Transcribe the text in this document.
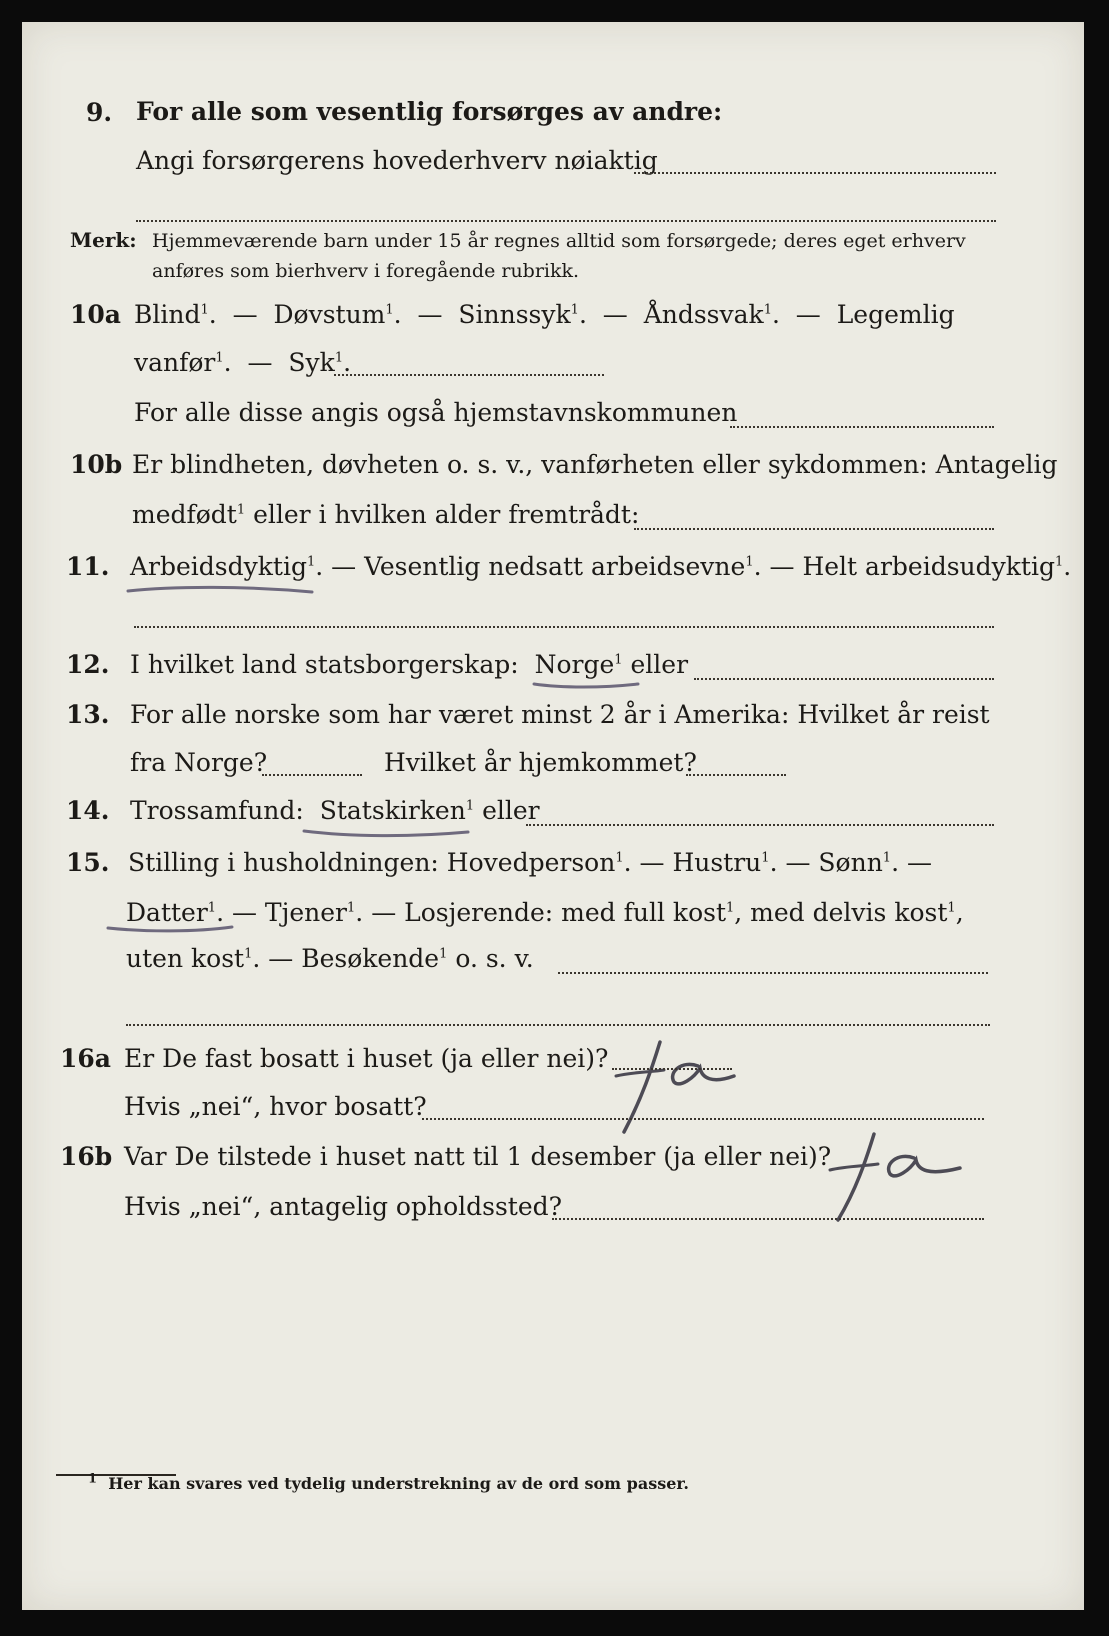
9. For alle som vesentlig forsørges av andre:
Angi forsørgerens hovederhverv nøiaktig
Merk: Hjemmeværende barn under 15 år regnes alltid som forsørgede; deres eget erhverv
anføres som bierhverv i foregående rubrikk.
10a Blind$^1$.  —  Døvstum$^1$.  —  Sinnssyk$^1$.  —  Åndssvak$^1$.  —  Legemlig
vanfør$^1$.  —  Syk$^1$.
For alle disse angis også hjemstavnskommunen
10b Er blindheten, døvheten o. s. v., vanførheten eller sykdommen: Antagelig
medfødt$^1$ eller i hvilken alder fremtrådt:
11. Arbeidsdyktig$^1$. — Vesentlig nedsatt arbeidsevne$^1$. — Helt arbeidsudyktig$^1$.
12. I hvilket land statsborgerskap: Norge$^1$ eller
13. For alle norske som har været minst 2 år i Amerika: Hvilket år reist
fra Norge?	Hvilket år hjemkommet?
14. Trossamfund: Statskirken$^1$ eller
15. Stilling i husholdningen: Hovedperson$^1$. — Hustru$^1$. — Sønn$^1$. —
Datter$^1$. — Tjener$^1$. — Losjerende: med full kost$^1$, med delvis kost$^1$,
uten kost$^1$. — Besøkende$^1$ o. s. v.
16a Er De fast bosatt i huset (ja eller nei)?
Hvis „nei“, hvor bosatt?
16b Var De tilstede i huset natt til 1 desember (ja eller nei)?
Hvis „nei“, antagelig opholdssted?
$^1$ Her kan svares ved tydelig understrekning av de ord som passer.
